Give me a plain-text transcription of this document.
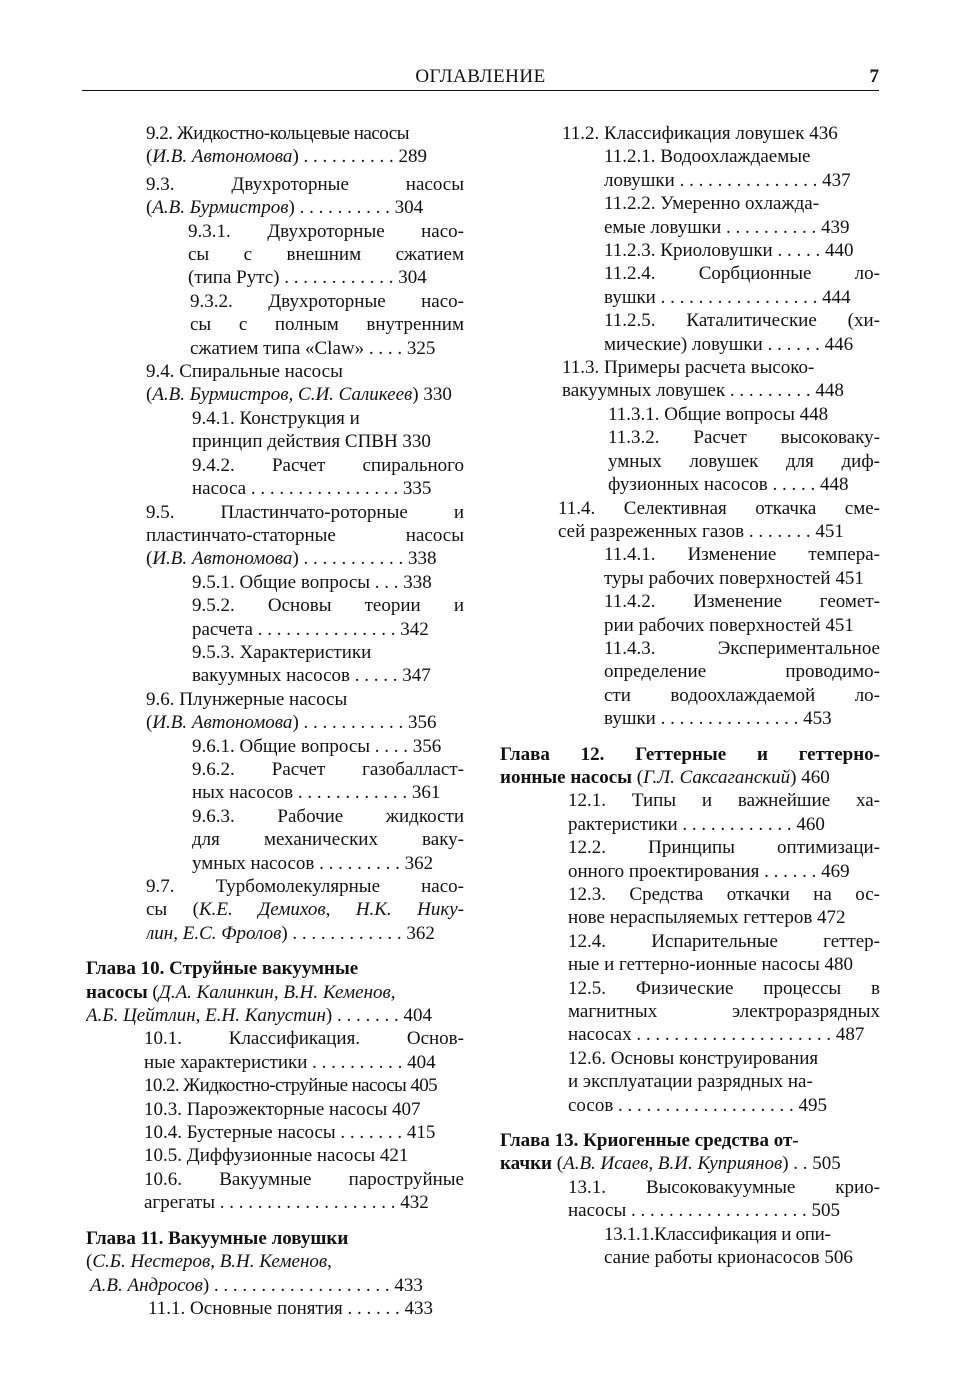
ОГЛАВЛЕНИЕ	7
9.2. Жидкостно-кольцевые насосы
(И.В. Автономова) . . . . . . . . . . 289
9.3.	Двухроторные	насосы
(А.В. Бурмистров) . . . . . . . . . . 304
9.3.1. Двухроторные насо-
сы с внешним сжатием
(типа Рутс) . . . . . . . . . . . . 304
9.3.2. Двухроторные насо-
сы с полным внутренним
сжатием типа «Claw» . . . . 325
9.4. Спиральные насосы
(А.В. Бурмистров, С.И. Саликеев) 330
9.4.1. Конструкция и
принцип действия СПВН 330
9.4.2. Расчет спирального
насоса . . . . . . . . . . . . . . . . 335
9.5. Пластинчато-роторные и
пластинчато-статорные насосы
(И.В. Автономова) . . . . . . . . . . . 338
9.5.1. Общие вопросы . . . 338
9.5.2. Основы теории и
расчета . . . . . . . . . . . . . . . 342
9.5.3. Характеристики
вакуумных насосов . . . . . 347
9.6. Плунжерные насосы
(И.В. Автономова) . . . . . . . . . . . 356
9.6.1. Общие вопросы . . . . 356
9.6.2. Расчет газобалласт-
ных насосов . . . . . . . . . . . . 361
9.6.3. Рабочие жидкости
для механических ваку-
умных насосов . . . . . . . . . 362
9.7. Турбомолекулярные насо-
сы (К.Е. Демихов, Н.К. Нику-
лин, Е.С. Фролов) . . . . . . . . . . . . 362
Глава 10. Струйные вакуумные
насосы (Д.А. Калинкин, В.Н. Кеменов,
А.Б. Цейтлин, Е.Н. Капустин) . . . . . . . 404
10.1. Классификация. Основ-
ные характеристики . . . . . . . . . . 404
10.2. Жидкостно-струйные насосы 405
10.3. Пароэжекторные насосы 407
10.4. Бустерные насосы . . . . . . . 415
10.5. Диффузионные насосы 421
10.6. Вакуумные пароструйные
агрегаты . . . . . . . . . . . . . . . . . . . 432
Глава 11. Вакуумные ловушки
(С.Б. Нестеров, В.Н. Кеменов,
А.В. Андросов) . . . . . . . . . . . . . . . . . . . 433
11.1. Основные понятия . . . . . . 433
11.2. Классификация ловушек 436
11.2.1. Водоохлаждаемые
ловушки . . . . . . . . . . . . . . . 437
11.2.2. Умеренно охлажда-
емые ловушки . . . . . . . . . . 439
11.2.3. Криоловушки . . . . . 440
11.2.4. Сорбционные ло-
вушки . . . . . . . . . . . . . . . . . 444
11.2.5. Каталитические (хи-
мические) ловушки . . . . . . 446
11.3. Примеры расчета высоко-
вакуумных ловушек . . . . . . . . . 448
11.3.1. Общие вопросы 448
11.3.2. Расчет высоковаку-
умных ловушек для диф-
фузионных насосов . . . . . 448
11.4. Селективная откачка сме-
сей разреженных газов . . . . . . . 451
11.4.1. Изменение темпера-
туры рабочих поверхностей 451
11.4.2. Изменение геомет-
рии рабочих поверхностей 451
11.4.3. Экспериментальное
определение проводимо-
сти водоохлаждаемой ло-
вушки . . . . . . . . . . . . . . . 453
Глава 12. Геттерные и геттерно-
ионные насосы (Г.Л. Саксаганский) 460
12.1. Типы и важнейшие ха-
рактеристики . . . . . . . . . . . . 460
12.2. Принципы оптимизаци-
онного проектирования . . . . . . 469
12.3. Средства откачки на ос-
нове нераспыляемых геттеров 472
12.4. Испарительные геттер-
ные и геттерно-ионные насосы 480
12.5. Физические процессы в
магнитных электроразрядных
насосах . . . . . . . . . . . . . . . . . . . . . 487
12.6. Основы конструирования
и эксплуатации разрядных на-
сосов . . . . . . . . . . . . . . . . . . . 495
Глава 13. Криогенные средства от-
качки (А.В. Исаев, В.И. Куприянов) . . 505
13.1. Высоковакуумные крио-
насосы . . . . . . . . . . . . . . . . . . . 505
13.1.1.Классификация и опи-
сание работы крионасосов 506
